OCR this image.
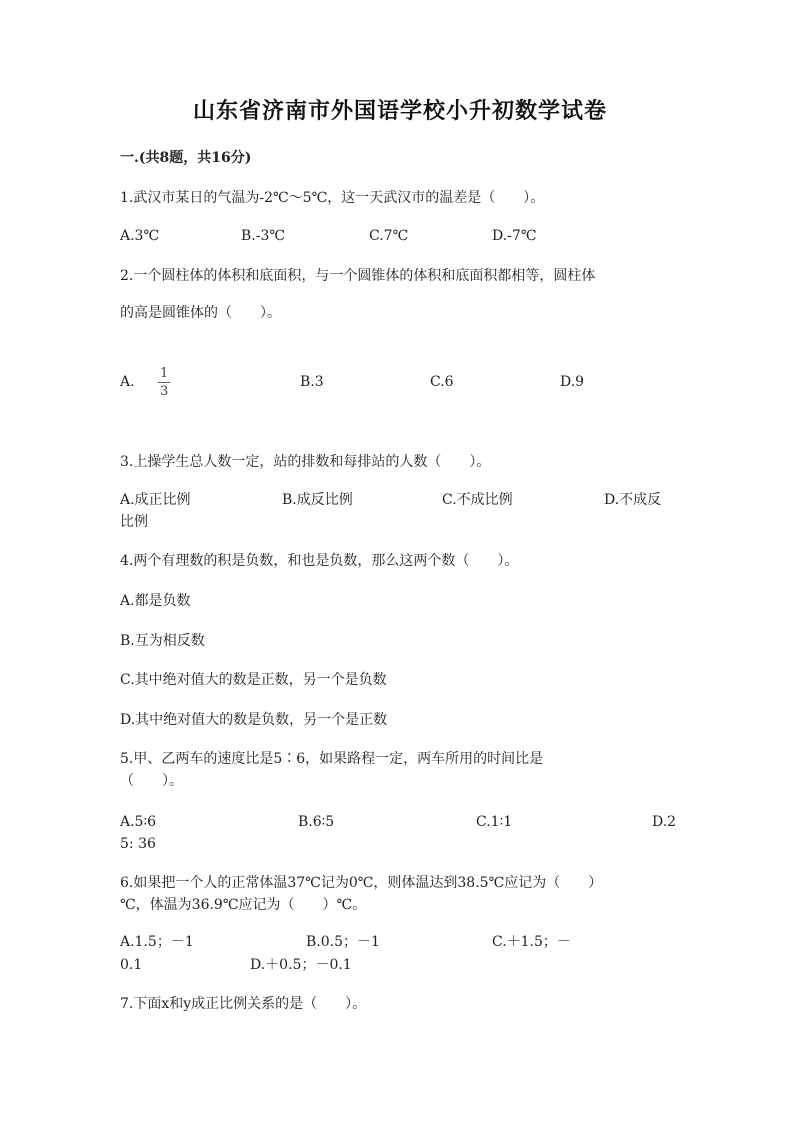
山东省济南市外国语学校小升初数学试卷
一.(共8题，共16分)
1.武汉市某日的气温为-2℃～5℃，这一天武汉市的温差是（　　）。
A.3℃	B.-3℃	C.7℃	D.-7℃
2.一个圆柱体的体积和底面积，与一个圆锥体的体积和底面积都相等，圆柱体
的高是圆锥体的（　　）。
A.
1
3
B.3	C.6	D.9
3.上操学生总人数一定，站的排数和每排站的人数（　　）。
A.成正比例	B.成反比例	C.不成比例	D.不成反
比例
4.两个有理数的积是负数，和也是负数，那么这两个数（　　）。
A.都是负数
B.互为相反数
C.其中绝对值大的数是正数，另一个是负数
D.其中绝对值大的数是负数，另一个是正数
5.甲、乙两车的速度比是5∶6，如果路程一定，两车所用的时间比是
（　　）。
A.5∶6	B.6∶5	C.1∶1	D.2
5: 36
6.如果把一个人的正常体温37℃记为0℃，则体温达到38.5℃应记为（　　）
℃，体温为36.9℃应记为（　　）℃。
A.1.5；－1	B.0.5；－1	C.＋1.5；－
0.1	D.＋0.5；－0.1
7.下面x和y成正比例关系的是（　　）。
